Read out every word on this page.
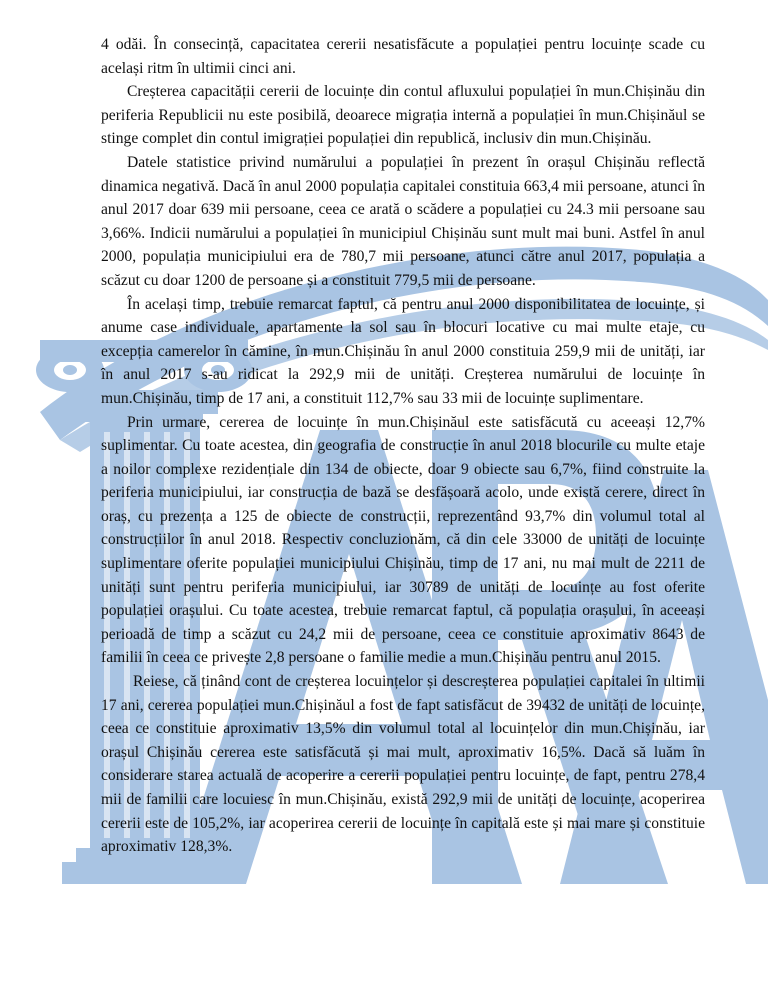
4 odăi. În consecință, capacitatea cererii nesatisfăcute a populației pentru locuințe scade cu același ritm în ultimii cinci ani.

Creșterea capacității cererii de locuințe din contul afluxului populației în mun.Chișinău din periferia Republicii nu este posibilă, deoarece migrația internă a populației în mun.Chișinăul se stinge complet din contul imigrației populației din republică, inclusiv din mun.Chișinău.

Datele statistice privind numărului a populației în prezent în orașul Chișinău reflectă dinamica negativă. Dacă în anul 2000 populația capitalei constituia 663,4 mii persoane, atunci în anul 2017 doar 639 mii persoane, ceea ce arată o scădere a populației cu 24.3 mii persoane sau 3,66%. Indicii numărului a populației în municipiul Chișinău sunt mult mai buni. Astfel în anul 2000, populația municipiului era de 780,7 mii persoane, atunci către anul 2017, populația a scăzut cu doar 1200 de persoane și a constituit 779,5 mii de persoane.

În același timp, trebuie remarcat faptul, că pentru anul 2000 disponibilitatea de locuințe, și anume case individuale, apartamente la sol sau în blocuri locative cu mai multe etaje, cu excepția camerelor în cămine, în mun.Chișinău în anul 2000 constituia 259,9 mii de unități, iar în anul 2017 s-au ridicat la 292,9 mii de unități. Creșterea numărului de locuințe în mun.Chișinău, timp de 17 ani, a constituit 112,7% sau 33 mii de locuințe suplimentare.

Prin urmare, cererea de locuințe în mun.Chișinăul este satisfăcută cu aceeași 12,7% suplimentar. Cu toate acestea, din geografia de construcție în anul 2018 blocurile cu multe etaje a noilor complexe rezidențiale din 134 de obiecte, doar 9 obiecte sau 6,7%, fiind construite la periferia municipiului, iar construcția de bază se desfășoară acolo, unde există cerere, direct în oraș, cu prezența a 125 de obiecte de construcții, reprezentând 93,7% din volumul total al construcțiilor în anul 2018. Respectiv concluzionăm, că din cele 33000 de unități de locuințe suplimentare oferite populației municipiului Chișinău, timp de 17 ani, nu mai mult de 2211 de unități sunt pentru periferia municipiului, iar 30789 de unități de locuințe au fost oferite populației orașului. Cu toate acestea, trebuie remarcat faptul, că populația orașului, în aceeași perioadă de timp a scăzut cu 24,2 mii de persoane, ceea ce constituie aproximativ 8643 de familii în ceea ce privește 2,8 persoane o familie medie a mun.Chișinău pentru anul 2015.

Reiese, că ținând cont de creșterea locuințelor și descreșterea populației capitalei în ultimii 17 ani, cererea populației mun.Chișinăul a fost de fapt satisfăcut de 39432 de unități de locuințe, ceea ce constituie aproximativ 13,5% din volumul total al locuințelor din mun.Chișinău, iar orașul Chișinău cererea este satisfăcută și mai mult, aproximativ 16,5%. Dacă să luăm în considerare starea actuală de acoperire a cererii populației pentru locuințe, de fapt, pentru 278,4 mii de familii care locuiesc în mun.Chișinău, există 292,9 mii de unități de locuințe, acoperirea cererii este de 105,2%, iar acoperirea cererii de locuințe în capitală este și mai mare și constituie aproximativ 128,3%.
